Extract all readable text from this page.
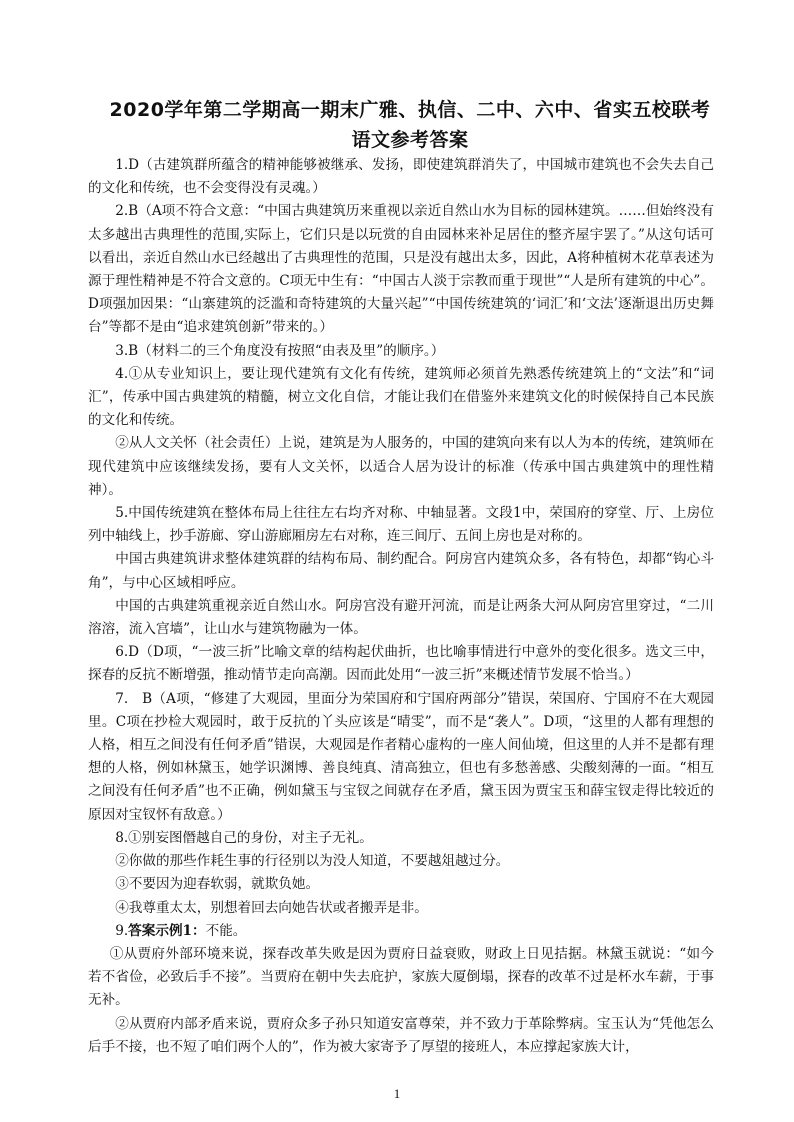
2020学年第二学期高一期末广雅、执信、二中、六中、省实五校联考
语文参考答案

1.D（古建筑群所蕴含的精神能够被继承、发扬，即使建筑群消失了，中国城市建筑也不会失去自己的文化和传统，也不会变得没有灵魂。）

2.B（A项不符合文意：“中国古典建筑历来重视以亲近自然山水为目标的园林建筑。……但始终没有太多越出古典理性的范围,实际上，它们只是以玩赏的自由园林来补足居住的整齐屋宇罢了。”从这句话可以看出，亲近自然山水已经越出了古典理性的范围，只是没有越出太多，因此，A将种植树木花草表述为源于理性精神是不符合文意的。C项无中生有：“中国古人淡于宗教而重于现世”“人是所有建筑的中心”。D项强加因果：“山寨建筑的泛滥和奇特建筑的大量兴起”“中国传统建筑的‘词汇’和‘文法’逐渐退出历史舞台”等都不是由“追求建筑创新”带来的。）

3.B（材料二的三个角度没有按照“由表及里”的顺序。）

4.①从专业知识上，要让现代建筑有文化有传统，建筑师必须首先熟悉传统建筑上的“文法”和“词汇”，传承中国古典建筑的精髓，树立文化自信，才能让我们在借鉴外来建筑文化的时候保持自己本民族的文化和传统。

②从人文关怀（社会责任）上说，建筑是为人服务的，中国的建筑向来有以人为本的传统，建筑师在现代建筑中应该继续发扬，要有人文关怀，以适合人居为设计的标准（传承中国古典建筑中的理性精神）。

5.中国传统建筑在整体布局上往往左右均齐对称、中轴显著。文段1中，荣国府的穿堂、厅、上房位列中轴线上，抄手游廊、穿山游廊厢房左右对称，连三间厅、五间上房也是对称的。

中国古典建筑讲求整体建筑群的结构布局、制约配合。阿房宫内建筑众多，各有特色，却都“钩心斗角”，与中心区域相呼应。

中国的古典建筑重视亲近自然山水。阿房宫没有避开河流，而是让两条大河从阿房宫里穿过，“二川溶溶，流入宫墙”，让山水与建筑物融为一体。

6.D（D项，“一波三折”比喻文章的结构起伏曲折，也比喻事情进行中意外的变化很多。选文三中，探春的反抗不断增强，推动情节走向高潮。因而此处用“一波三折”来概述情节发展不恰当。）

7.　B（A项，“修建了大观园，里面分为荣国府和宁国府两部分”错误，荣国府、宁国府不在大观园里。C项在抄检大观园时，敢于反抗的丫头应该是“晴雯”，而不是“袭人”。D项，“这里的人都有理想的人格，相互之间没有任何矛盾”错误，大观园是作者精心虚构的一座人间仙境，但这里的人并不是都有理想的人格，例如林黛玉，她学识渊博、善良纯真、清高独立，但也有多愁善感、尖酸刻薄的一面。“相互之间没有任何矛盾”也不正确，例如黛玉与宝钗之间就存在矛盾，黛玉因为贾宝玉和薛宝钗走得比较近的原因对宝钗怀有敌意。）

8.①别妄图僭越自己的身份，对主子无礼。

②你做的那些作耗生事的行径别以为没人知道，不要越俎越过分。

③不要因为迎春软弱，就欺负她。

④我尊重太太，别想着回去向她告状或者搬弄是非。

9.答案示例1：不能。

①从贾府外部环境来说，探春改革失败是因为贾府日益衰败，财政上日见拮据。林黛玉就说：“如今若不省俭，必致后手不接”。当贾府在朝中失去庇护，家族大厦倒塌，探春的改革不过是杯水车薪，于事无补。

②从贾府内部矛盾来说，贾府众多子孙只知道安富尊荣，并不致力于革除弊病。宝玉认为“凭他怎么后手不接，也不短了咱们两个人的”，作为被大家寄予了厚望的接班人，本应撑起家族大计，

1
